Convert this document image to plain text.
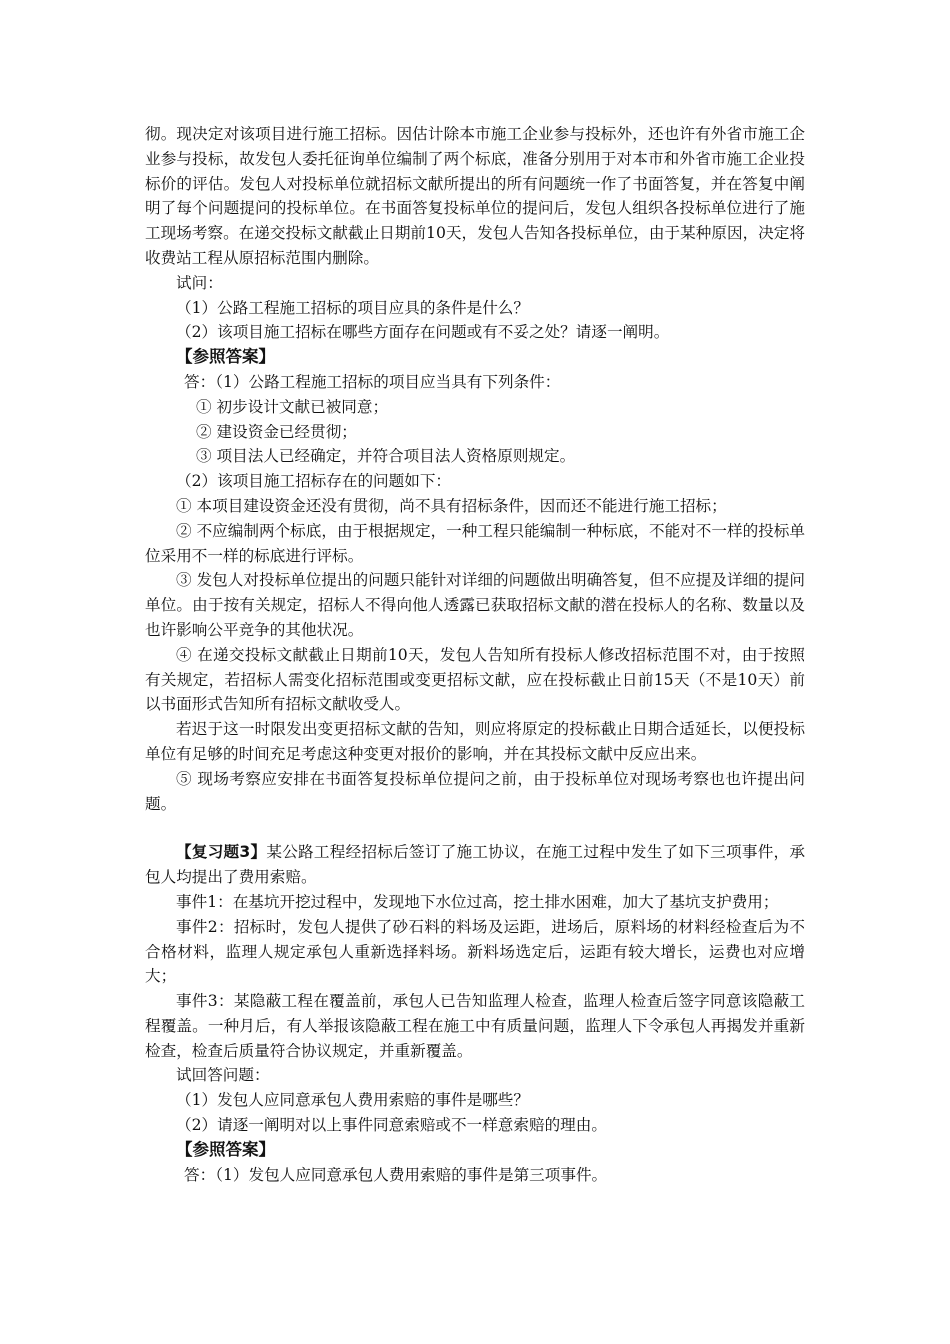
彻。现决定对该项目进行施工招标。因估计除本市施工企业参与投标外，还也许有外省市施工企业参与投标，故发包人委托征询单位编制了两个标底，准备分别用于对本市和外省市施工企业投标价的评估。发包人对投标单位就招标文献所提出的所有问题统一作了书面答复，并在答复中阐明了每个问题提问的投标单位。在书面答复投标单位的提问后，发包人组织各投标单位进行了施工现场考察。在递交投标文献截止日期前10天，发包人告知各投标单位，由于某种原因，决定将收费站工程从原招标范围内删除。

试问：

（1）公路工程施工招标的项目应具的条件是什么？

（2）该项目施工招标在哪些方面存在问题或有不妥之处？请逐一阐明。

【参照答案】

答：（1）公路工程施工招标的项目应当具有下列条件：

① 初步设计文献已被同意；

② 建设资金已经贯彻；

③ 项目法人已经确定，并符合项目法人资格原则规定。

（2）该项目施工招标存在的问题如下：

① 本项目建设资金还没有贯彻，尚不具有招标条件，因而还不能进行施工招标；

② 不应编制两个标底，由于根据规定，一种工程只能编制一种标底，不能对不一样的投标单位采用不一样的标底进行评标。

③ 发包人对投标单位提出的问题只能针对详细的问题做出明确答复，但不应提及详细的提问单位。由于按有关规定，招标人不得向他人透露已获取招标文献的潜在投标人的名称、数量以及也许影响公平竞争的其他状况。

④ 在递交投标文献截止日期前10天，发包人告知所有投标人修改招标范围不对，由于按照有关规定，若招标人需变化招标范围或变更招标文献，应在投标截止日前15天（不是10天）前以书面形式告知所有招标文献收受人。

若迟于这一时限发出变更招标文献的告知，则应将原定的投标截止日期合适延长，以便投标单位有足够的时间充足考虑这种变更对报价的影响，并在其投标文献中反应出来。

⑤ 现场考察应安排在书面答复投标单位提问之前，由于投标单位对现场考察也也许提出问题。

【复习题3】某公路工程经招标后签订了施工协议，在施工过程中发生了如下三项事件，承包人均提出了费用索赔。

事件1：在基坑开挖过程中，发现地下水位过高，挖土排水困难，加大了基坑支护费用；

事件2：招标时，发包人提供了砂石料的料场及运距，进场后，原料场的材料经检查后为不合格材料，监理人规定承包人重新选择料场。新料场选定后，运距有较大增长，运费也对应增大；

事件3：某隐蔽工程在覆盖前，承包人已告知监理人检查，监理人检查后签字同意该隐蔽工程覆盖。一种月后，有人举报该隐蔽工程在施工中有质量问题，监理人下令承包人再揭发并重新检查，检查后质量符合协议规定，并重新覆盖。

试回答问题：

（1）发包人应同意承包人费用索赔的事件是哪些？

（2）请逐一阐明对以上事件同意索赔或不一样意索赔的理由。

【参照答案】

答：（1）发包人应同意承包人费用索赔的事件是第三项事件。
